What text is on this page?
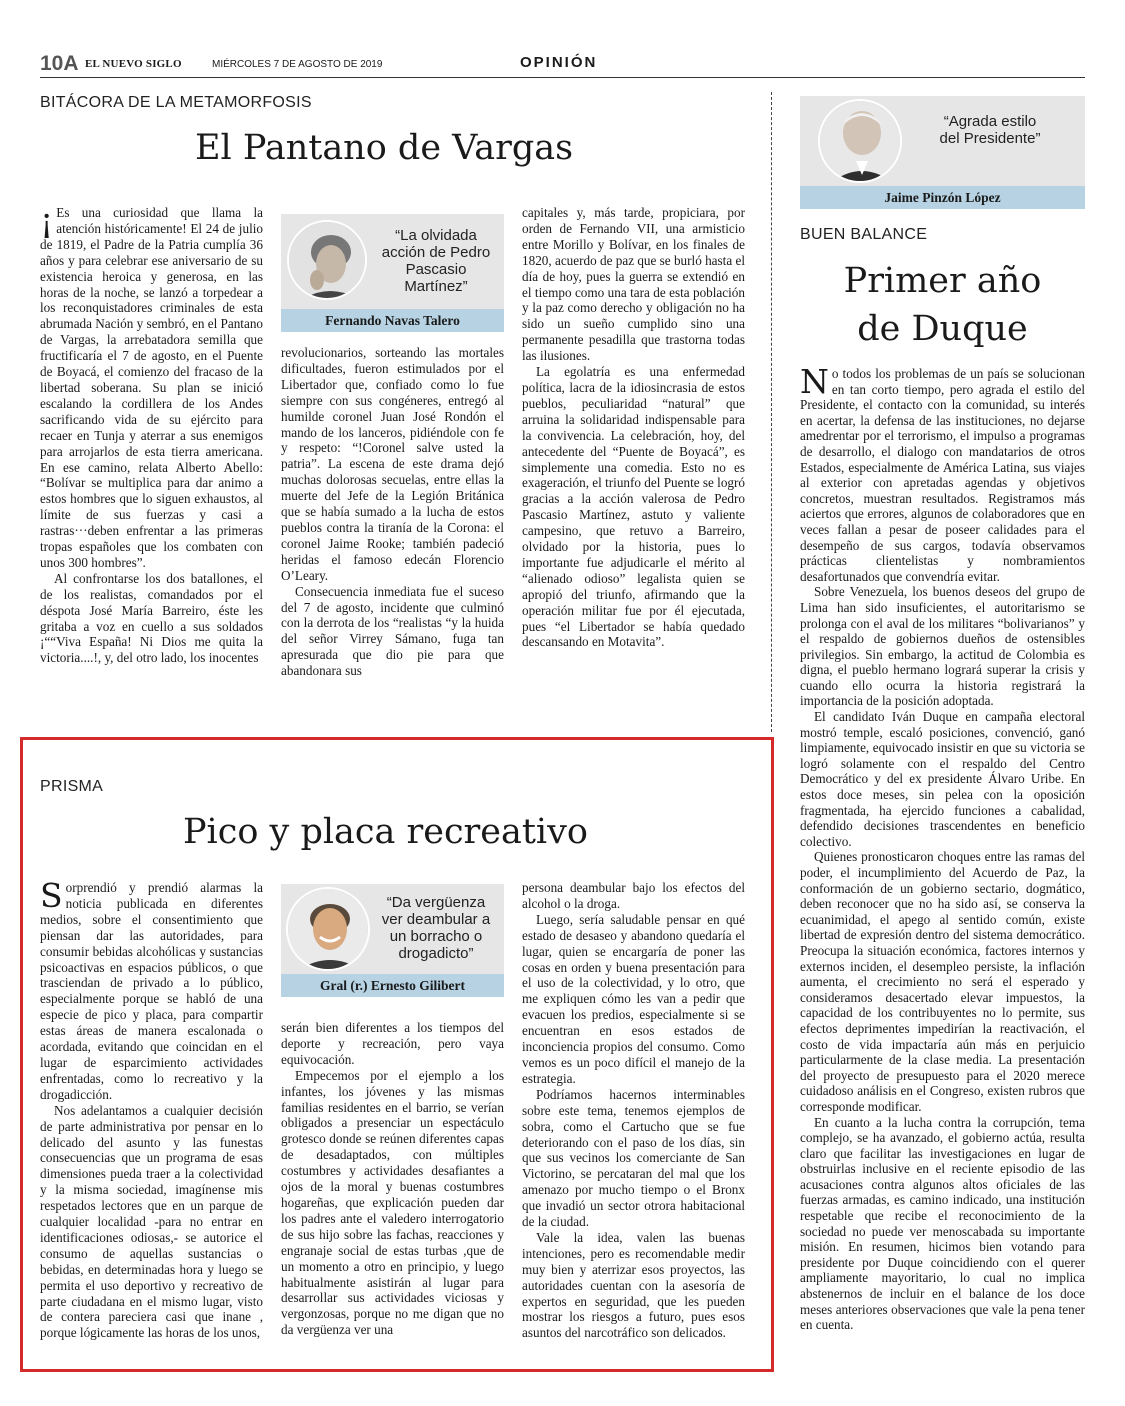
10A EL NUEVO SIGLO	MIÉRCOLES 7 DE AGOSTO DE 2019	OPINIÓN
BITÁCORA DE LA METAMORFOSIS
El Pantano de Vargas

¡ Es una curiosidad que llama la atención históricamente! El 24 de julio de 1819, el Padre de la Patria cumplía 36 años y para celebrar ese aniversario de su existencia heroica y generosa, en las horas de la noche, se lanzó a torpedear a los reconquistadores criminales de esta abrumada Nación y sembró, en el Pantano de Vargas, la arrebatadora semilla que fructificaría el 7 de agosto, en el Puente de Boyacá, el comienzo del fracaso de la libertad soberana. Su plan se inició escalando la cordillera de los Andes sacrificando vida de su ejército para recaer en Tunja y aterrar a sus enemigos para arrojarlos de esta tierra americana. En ese camino, relata Alberto Abello: “Bolívar se multiplica para dar animo a estos hombres que lo siguen exhaustos, al límite de sus fuerzas y casi a rastras···deben enfrentar a las primeras tropas españoles que los combaten con unos 300 hombres”.

Al confrontarse los dos batallones, el de los realistas, comandados por el déspota José María Barreiro, éste les gritaba a voz en cuello a sus soldados ¡““Viva España! Ni Dios me quita la victoria....!, y, del otro lado, los inocentes

“La olvidada acción de Pedro Pascasio Martínez”
Fernando Navas Talero

revolucionarios, sorteando las mortales dificultades, fueron estimulados por el Libertador que, confiado como lo fue siempre con sus congéneres, entregó al humilde coronel Juan José Rondón el mando de los lanceros, pidiéndole con fe y respeto: “!Coronel salve usted la patria”. La escena de este drama dejó muchas dolorosas secuelas, entre ellas la muerte del Jefe de la Legión Británica que se había sumado a la lucha de estos pueblos contra la tiranía de la Corona: el coronel Jaime Rooke; también padeció heridas el famoso edecán Florencio O’Leary.

Consecuencia inmediata fue el suceso del 7 de agosto, incidente que culminó con la derrota de los “realistas “y la huida del señor Virrey Sámano, fuga tan apresurada que dio pie para que abandonara sus

capitales y, más tarde, propiciara, por orden de Fernando VII, una armisticio entre Morillo y Bolívar, en los finales de 1820, acuerdo de paz que se burló hasta el día de hoy, pues la guerra se extendió en el tiempo como una tara de esta población y la paz como derecho y obligación no ha sido un sueño cumplido sino una permanente pesadilla que trastorna todas las ilusiones.

La egolatría es una enfermedad política, lacra de la idiosincrasia de estos pueblos, peculiaridad “natural” que arruina la solidaridad indispensable para la convivencia. La celebración, hoy, del antecedente del “Puente de Boyacá”, es simplemente una comedia. Esto no es exageración, el triunfo del Puente se logró gracias a la acción valerosa de Pedro Pascasio Martínez, astuto y valiente campesino, que retuvo a Barreiro, olvidado por la historia, pues lo importante fue adjudicarle el mérito al “alienado odioso” legalista quien se apropió del triunfo, afirmando que la operación militar fue por él ejecutada, pues “el Libertador se había quedado descansando en Motavita”.

“Agrada estilo del Presidente”
Jaime Pinzón López
BUEN BALANCE
Primer año
de Duque

No todos los problemas de un país se solucionan en tan corto tiempo, pero agrada el estilo del Presidente, el contacto con la comunidad, su interés en acertar, la defensa de las instituciones, no dejarse amedrentar por el terrorismo, el impulso a programas de desarrollo, el dialogo con mandatarios de otros Estados, especialmente de América Latina, sus viajes al exterior con apretadas agendas y objetivos concretos, muestran resultados. Registramos más aciertos que errores, algunos de colaboradores que en veces fallan a pesar de poseer calidades para el desempeño de sus cargos, todavía observamos prácticas clientelistas y nombramientos desafortunados que convendría evitar.

Sobre Venezuela, los buenos deseos del grupo de Lima han sido insuficientes, el autoritarismo se prolonga con el aval de los militares “bolivarianos” y el respaldo de gobiernos dueños de ostensibles privilegios. Sin embargo, la actitud de Colombia es digna, el pueblo hermano logrará superar la crisis y cuando ello ocurra la historia registrará la importancia de la posición adoptada.

El candidato Iván Duque en campaña electoral mostró temple, escaló posiciones, convenció, ganó limpiamente, equivocado insistir en que su victoria se logró solamente con el respaldo del Centro Democrático y del ex presidente Álvaro Uribe. En estos doce meses, sin pelea con la oposición fragmentada, ha ejercido funciones a cabalidad, defendido decisiones trascendentes en beneficio colectivo.

Quienes pronosticaron choques entre las ramas del poder, el incumplimiento del Acuerdo de Paz, la conformación de un gobierno sectario, dogmático, deben reconocer que no ha sido así, se conserva la ecuanimidad, el apego al sentido común, existe libertad de expresión dentro del sistema democrático. Preocupa la situación económica, factores internos y externos inciden, el desempleo persiste, la inflación aumenta, el crecimiento no será el esperado y consideramos desacertado elevar impuestos, la capacidad de los contribuyentes no lo permite, sus efectos deprimentes impedirían la reactivación, el costo de vida impactaría aún más en perjuicio particularmente de la clase media. La presentación del proyecto de presupuesto para el 2020 merece cuidadoso análisis en el Congreso, existen rubros que corresponde modificar.

En cuanto a la lucha contra la corrupción, tema complejo, se ha avanzado, el gobierno actúa, resulta claro que facilitar las investigaciones en lugar de obstruirlas inclusive en el reciente episodio de las acusaciones contra algunos altos oficiales de las fuerzas armadas, es camino indicado, una institución respetable que recibe el reconocimiento de la sociedad no puede ver menoscabada su importante misión. En resumen, hicimos bien votando para presidente por Duque coincidiendo con el querer ampliamente mayoritario, lo cual no implica abstenernos de incluir en el balance de los doce meses anteriores observaciones que vale la pena tener en cuenta.

PRISMA
Pico y placa recreativo

Sorprendió y prendió alarmas la noticia publicada en diferentes medios, sobre el consentimiento que piensan dar las autoridades, para consumir bebidas alcohólicas y sustancias psicoactivas en espacios públicos, o que trasciendan de privado a lo público, especialmente porque se habló de una especie de pico y placa, para compartir estas áreas de manera escalonada o acordada, evitando que coincidan en el lugar de esparcimiento actividades enfrentadas, como lo recreativo y la drogadicción.

Nos adelantamos a cualquier decisión de parte administrativa por pensar en lo delicado del asunto y las funestas consecuencias que un programa de esas dimensiones pueda traer a la colectividad y la misma sociedad, imagínense mis respetados lectores que en un parque de cualquier localidad -para no entrar en identificaciones odiosas,- se autorice el consumo de aquellas sustancias o bebidas, en determinadas hora y luego se permita el uso deportivo y recreativo de parte ciudadana en el mismo lugar, visto de contera pareciera casi que inane , porque lógicamente las horas de los unos,

“Da vergüenza ver deambular a un borracho o drogadicto”
Gral (r.) Ernesto Gilibert

serán bien diferentes a los tiempos del deporte y recreación, pero vaya equivocación.

Empecemos por el ejemplo a los infantes, los jóvenes y las mismas familias residentes en el barrio, se verían obligados a presenciar un espectáculo grotesco donde se reúnen diferentes capas de desadaptados, con múltiples costumbres y actividades desafiantes a ojos de la moral y buenas costumbres hogareñas, que explicación pueden dar los padres ante el valedero interrogatorio de sus hijo sobre las fachas, reacciones y engranaje social de estas turbas ,que de un momento a otro en principio, y luego habitualmente asistirán al lugar para desarrollar sus actividades viciosas y vergonzosas, porque no me digan que no da vergüenza ver una

persona deambular bajo los efectos del alcohol o la droga.

Luego, sería saludable pensar en qué estado de desaseo y abandono quedaría el lugar, quien se encargaría de poner las cosas en orden y buena presentación para el uso de la colectividad, y lo otro, que me expliquen cómo les van a pedir que evacuen los predios, especialmente si se encuentran en esos estados de inconciencia propios del consumo. Como vemos es un poco difícil el manejo de la estrategia.

Podríamos hacernos interminables sobre este tema, tenemos ejemplos de sobra, como el Cartucho que se fue deteriorando con el paso de los días, sin que sus vecinos los comerciante de San Victorino, se percataran del mal que los amenazo por mucho tiempo o el Bronx que invadió un sector otrora habitacional de la ciudad.

Vale la idea, valen las buenas intenciones, pero es recomendable medir muy bien y aterrizar esos proyectos, las autoridades cuentan con la asesoría de expertos en seguridad, que les pueden mostrar los riesgos a futuro, pues esos asuntos del narcotráfico son delicados.
